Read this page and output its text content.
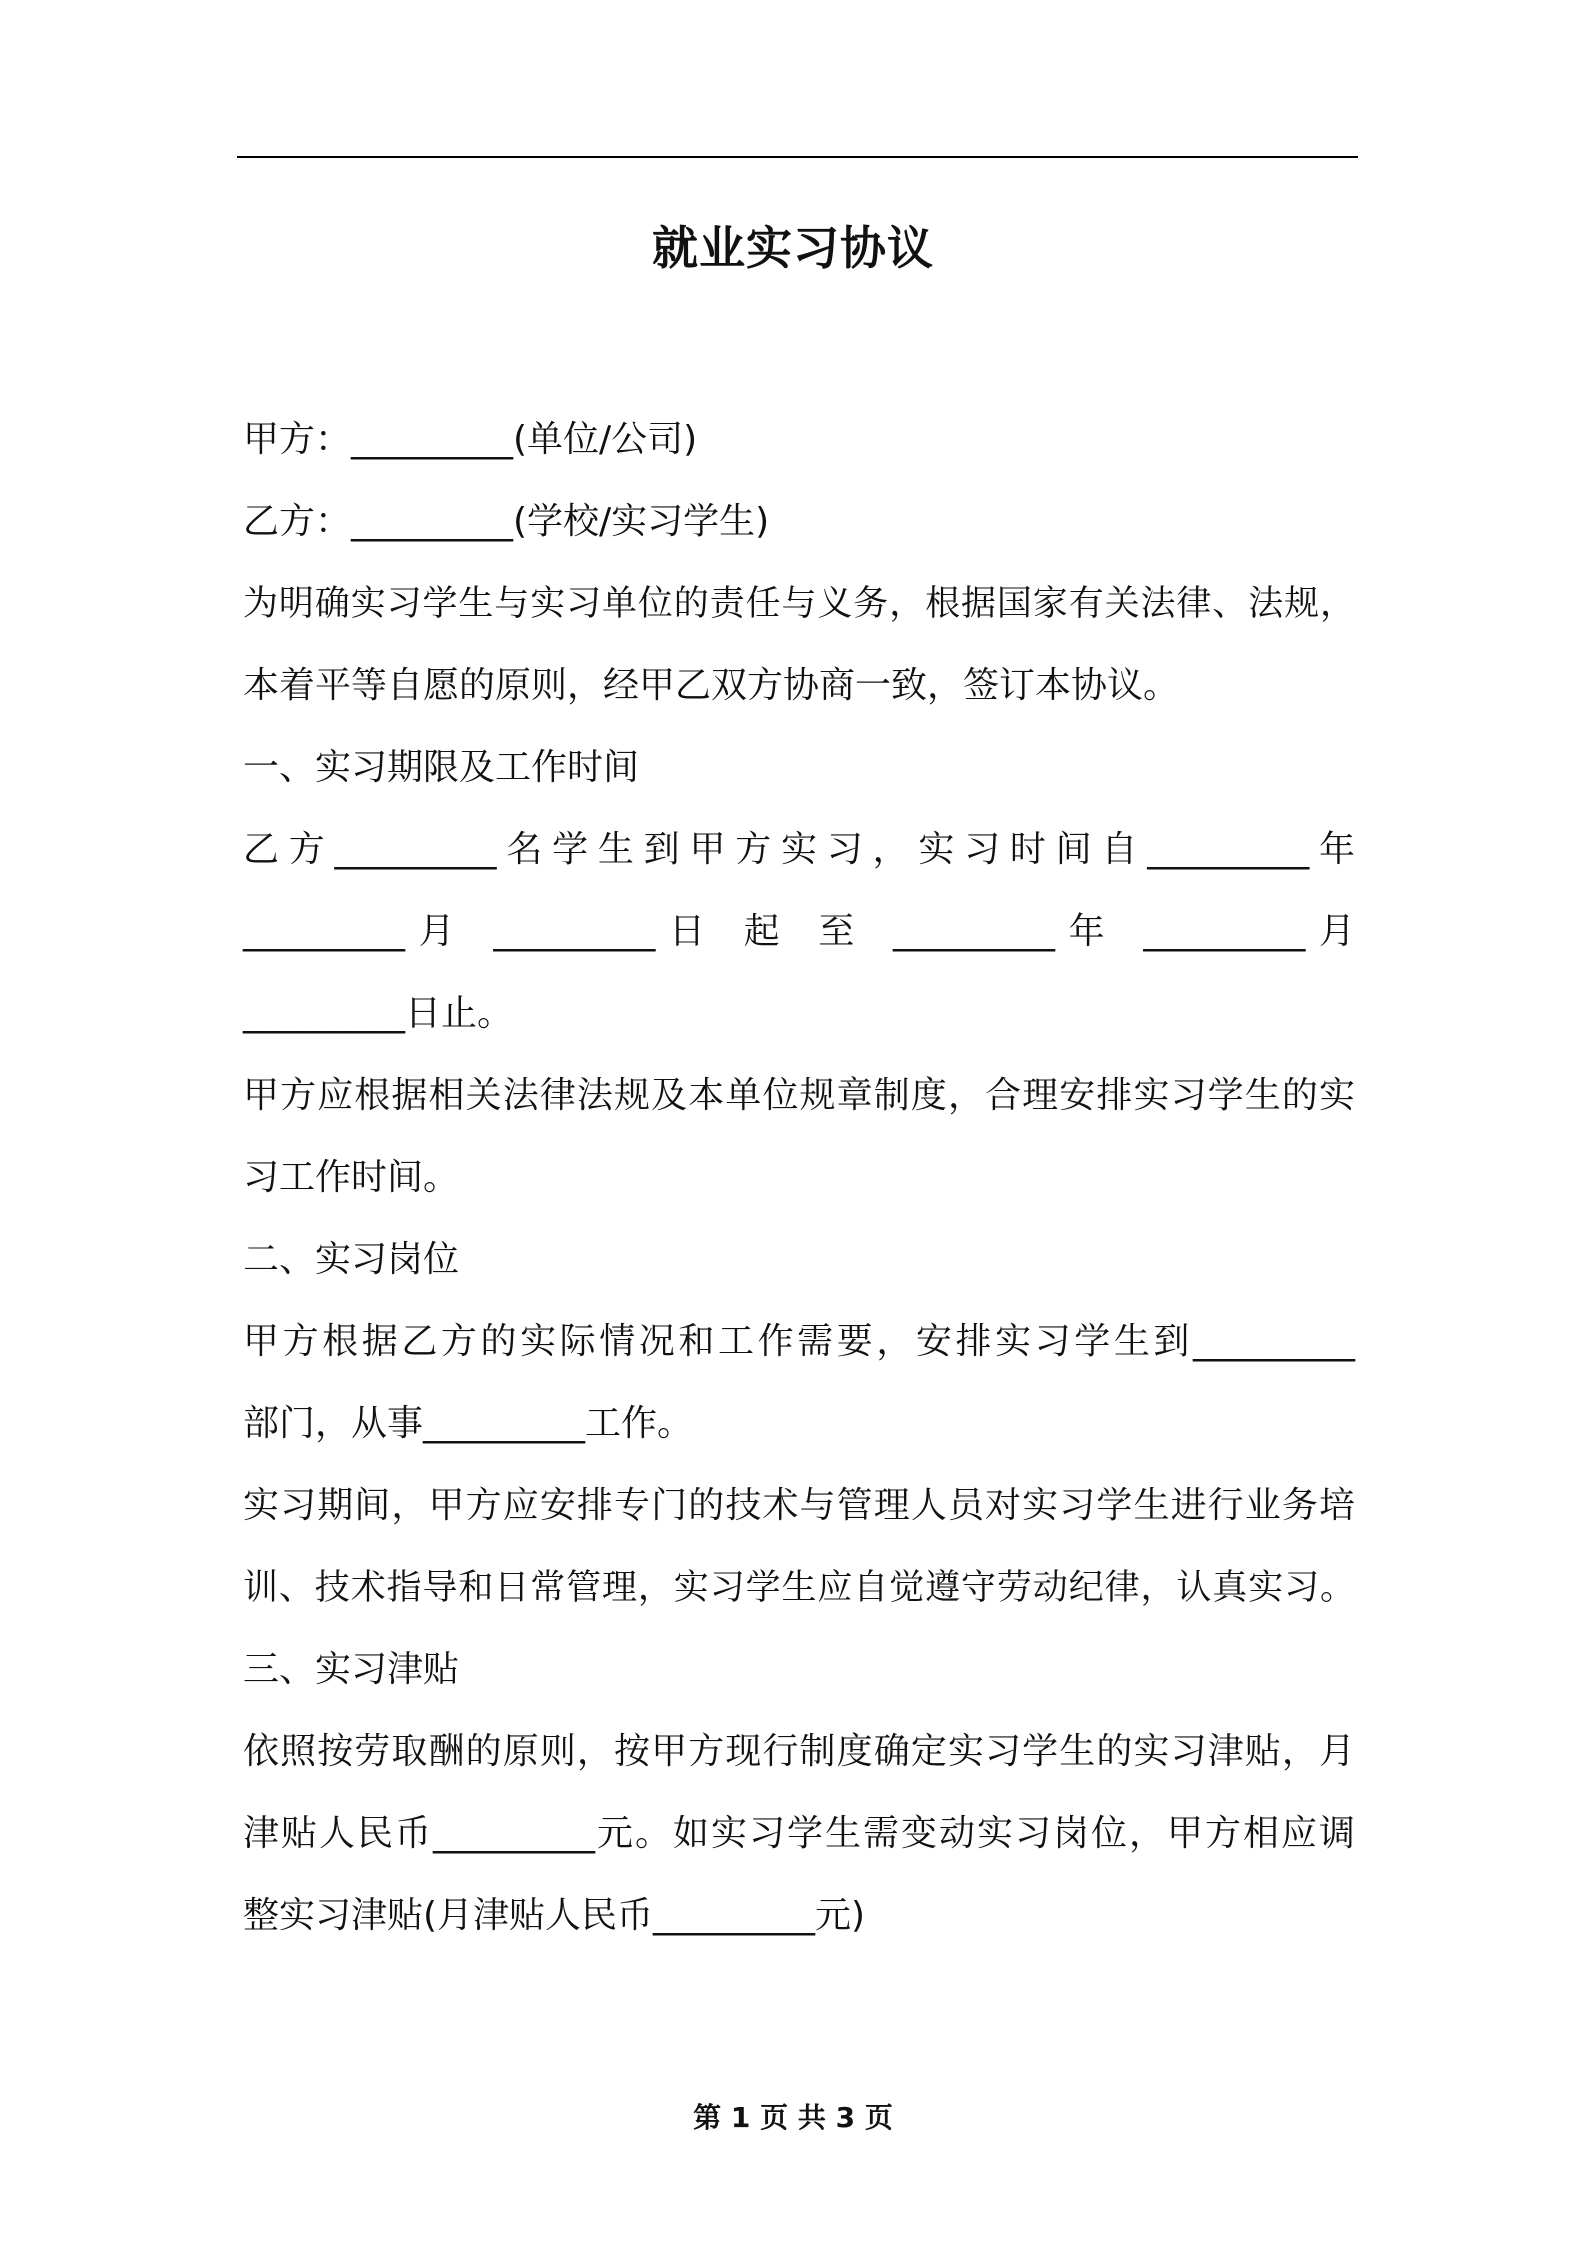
就业实习协议
甲方：_________(单位/公司)
乙方：_________(学校/实习学生)
为明确实习学生与实习单位的责任与义务，根据国家有关法律、法规，
本着平等自愿的原则，经甲乙双方协商一致，签订本协议。
一、实习期限及工作时间
乙方_________名学生到甲方实习，实习时间自_________年
_________月 _________日 起 至 _________年 _________月
_________日止。
甲方应根据相关法律法规及本单位规章制度，合理安排实习学生的实
习工作时间。
二、实习岗位
甲方根据乙方的实际情况和工作需要，安排实习学生到_________
部门，从事_________工作。
实习期间，甲方应安排专门的技术与管理人员对实习学生进行业务培
训、技术指导和日常管理，实习学生应自觉遵守劳动纪律，认真实习。
三、实习津贴
依照按劳取酬的原则，按甲方现行制度确定实习学生的实习津贴，月
津贴人民币_________元。如实习学生需变动实习岗位，甲方相应调
整实习津贴(月津贴人民币_________元)
第 1 页 共 3 页
